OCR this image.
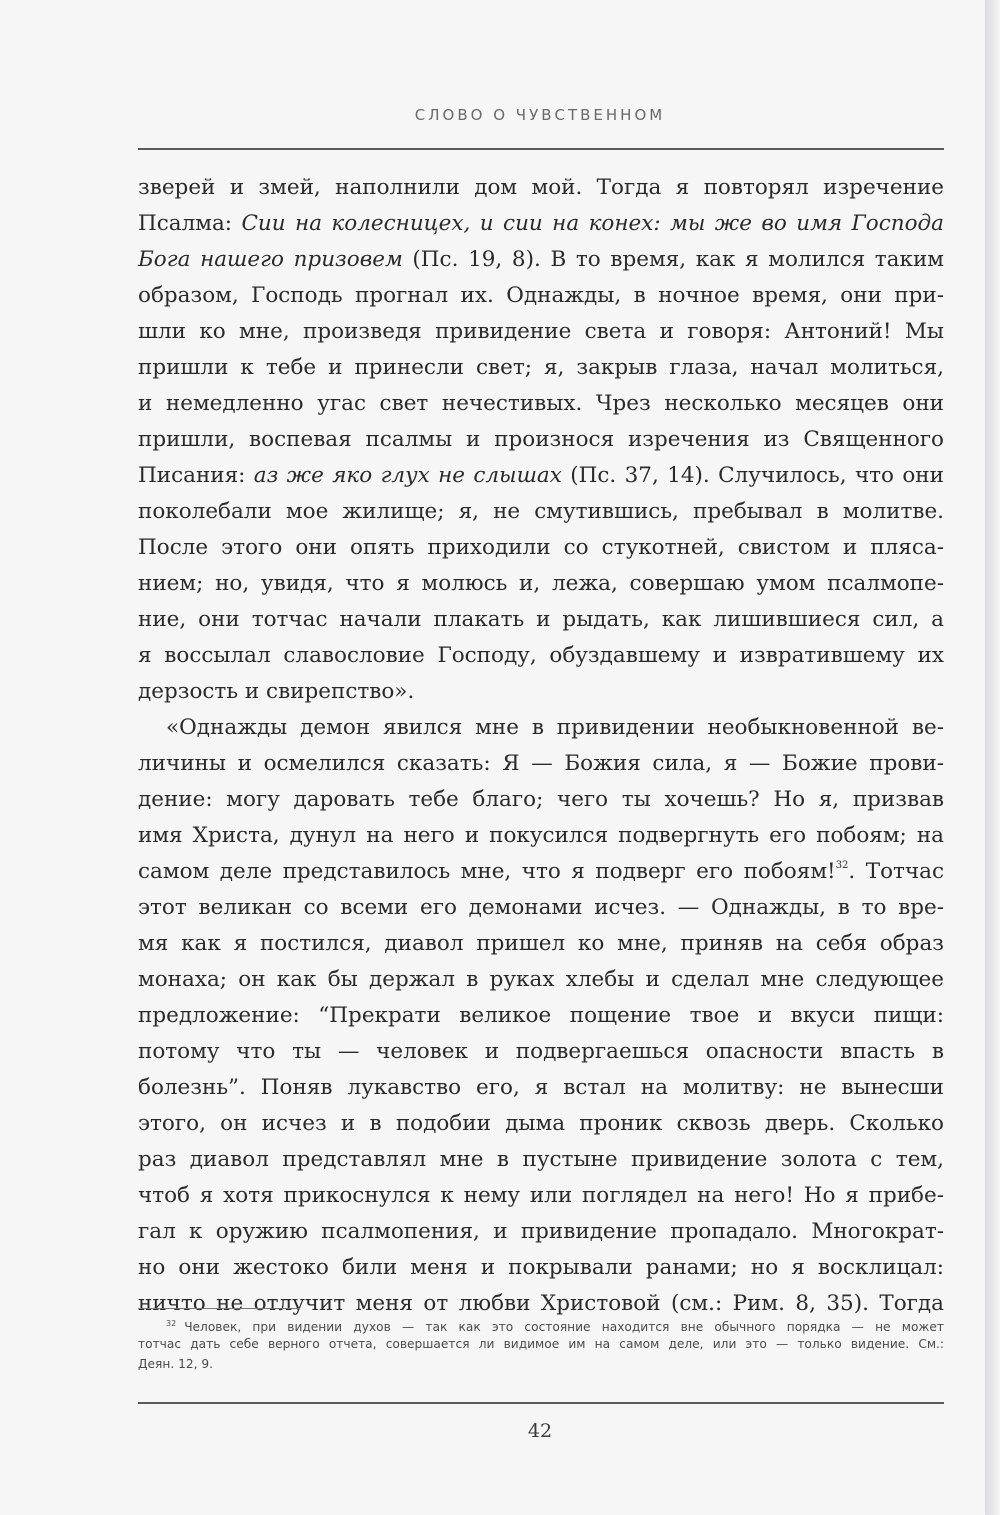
СЛОВО О ЧУВСТВЕННОМ
зверей и змей, наполнили дом мой. Тогда я повторял изречение
Псалма: Сии на колесницех, и сии на конех: мы же во имя Господа
Бога нашего призовем (Пс. 19, 8). В то время, как я молился таким
образом, Господь прогнал их. Однажды, в ночное время, они при-
шли ко мне, произведя привидение света и говоря: Антоний! Мы
пришли к тебе и принесли свет; я, закрыв глаза, начал молиться,
и немедленно угас свет нечестивых. Чрез несколько месяцев они
пришли, воспевая псалмы и произнося изречения из Священного
Писания: аз же яко глух не слышах (Пс. 37, 14). Случилось, что они
поколебали мое жилище; я, не смутившись, пребывал в молитве.
После этого они опять приходили со стукотней, свистом и пляса-
нием; но, увидя, что я молюсь и, лежа, совершаю умом псалмопе-
ние, они тотчас начали плакать и рыдать, как лишившиеся сил, а
я воссылал славословие Господу, обуздавшему и извратившему их
дерзость и свирепство».
«Однажды демон явился мне в привидении необыкновенной ве-
личины и осмелился сказать: Я — Божия сила, я — Божие прови-
дение: могу даровать тебе благо; чего ты хочешь? Но я, призвав
имя Христа, дунул на него и покусился подвергнуть его побоям; на
самом деле представилось мне, что я подверг его побоям!$^{32}$. Тотчас
этот великан со всеми его демонами исчез. — Однажды, в то вре-
мя как я постился, диавол пришел ко мне, приняв на себя образ
монаха; он как бы держал в руках хлебы и сделал мне следующее
предложение: “Прекрати великое пощение твое и вкуси пищи:
потому что ты — человек и подвергаешься опасности впасть в
болезнь”. Поняв лукавство его, я встал на молитву: не вынесши
этого, он исчез и в подобии дыма проник сквозь дверь. Сколько
раз диавол представлял мне в пустыне привидение золота с тем,
чтоб я хотя прикоснулся к нему или поглядел на него! Но я прибе-
гал к оружию псалмопения, и привидение пропадало. Многократ-
но они жестоко били меня и покрывали ранами; но я восклицал:
ничто не отлучит меня от любви Христовой (см.: Рим. 8, 35). Тогда
$^{32}$ Человек, при видении духов — так как это состояние находится вне обычного порядка — не может
тотчас дать себе верного отчета, совершается ли видимое им на самом деле, или это — только видение. См.:
Деян. 12, 9.
42
